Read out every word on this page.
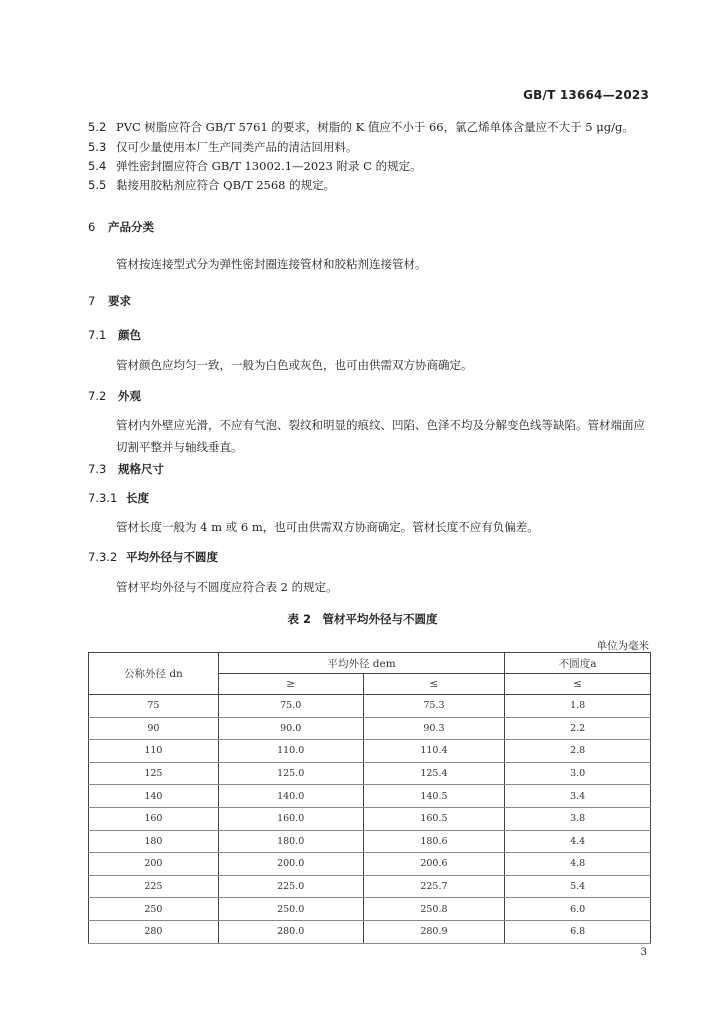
GB/T 13664—2023
5.2 PVC 树脂应符合 GB/T 5761 的要求，树脂的 K 值应不小于 66，氯乙烯单体含量应不大于 5 μg/g。
5.3 仅可少量使用本厂生产同类产品的清洁回用料。
5.4 弹性密封圈应符合 GB/T 13002.1—2023 附录 C 的规定。
5.5 黏接用胶粘剂应符合 QB/T 2568 的规定。
6 产品分类
管材按连接型式分为弹性密封圈连接管材和胶粘剂连接管材。
7 要求
7.1 颜色
管材颜色应均匀一致，一般为白色或灰色，也可由供需双方协商确定。
7.2 外观
管材内外壁应光滑，不应有气泡、裂纹和明显的痕纹、凹陷、色泽不均及分解变色线等缺陷。管材端面应切割平整并与轴线垂直。
7.3 规格尺寸
7.3.1 长度
管材长度一般为 4 m 或 6 m，也可由供需双方协商确定。管材长度不应有负偏差。
7.3.2 平均外径与不圆度
管材平均外径与不圆度应符合表 2 的规定。
表 2　管材平均外径与不圆度
单位为毫米
公称外径 dn	平均外径 dem		不圆度a
	≥	≤	≤
75	75.0	75.3	1.8
90	90.0	90.3	2.2
110	110.0	110.4	2.8
125	125.0	125.4	3.0
140	140.0	140.5	3.4
160	160.0	160.5	3.8
180	180.0	180.6	4.4
200	200.0	200.6	4.8
225	225.0	225.7	5.4
250	250.0	250.8	6.0
280	280.0	280.9	6.8
3
